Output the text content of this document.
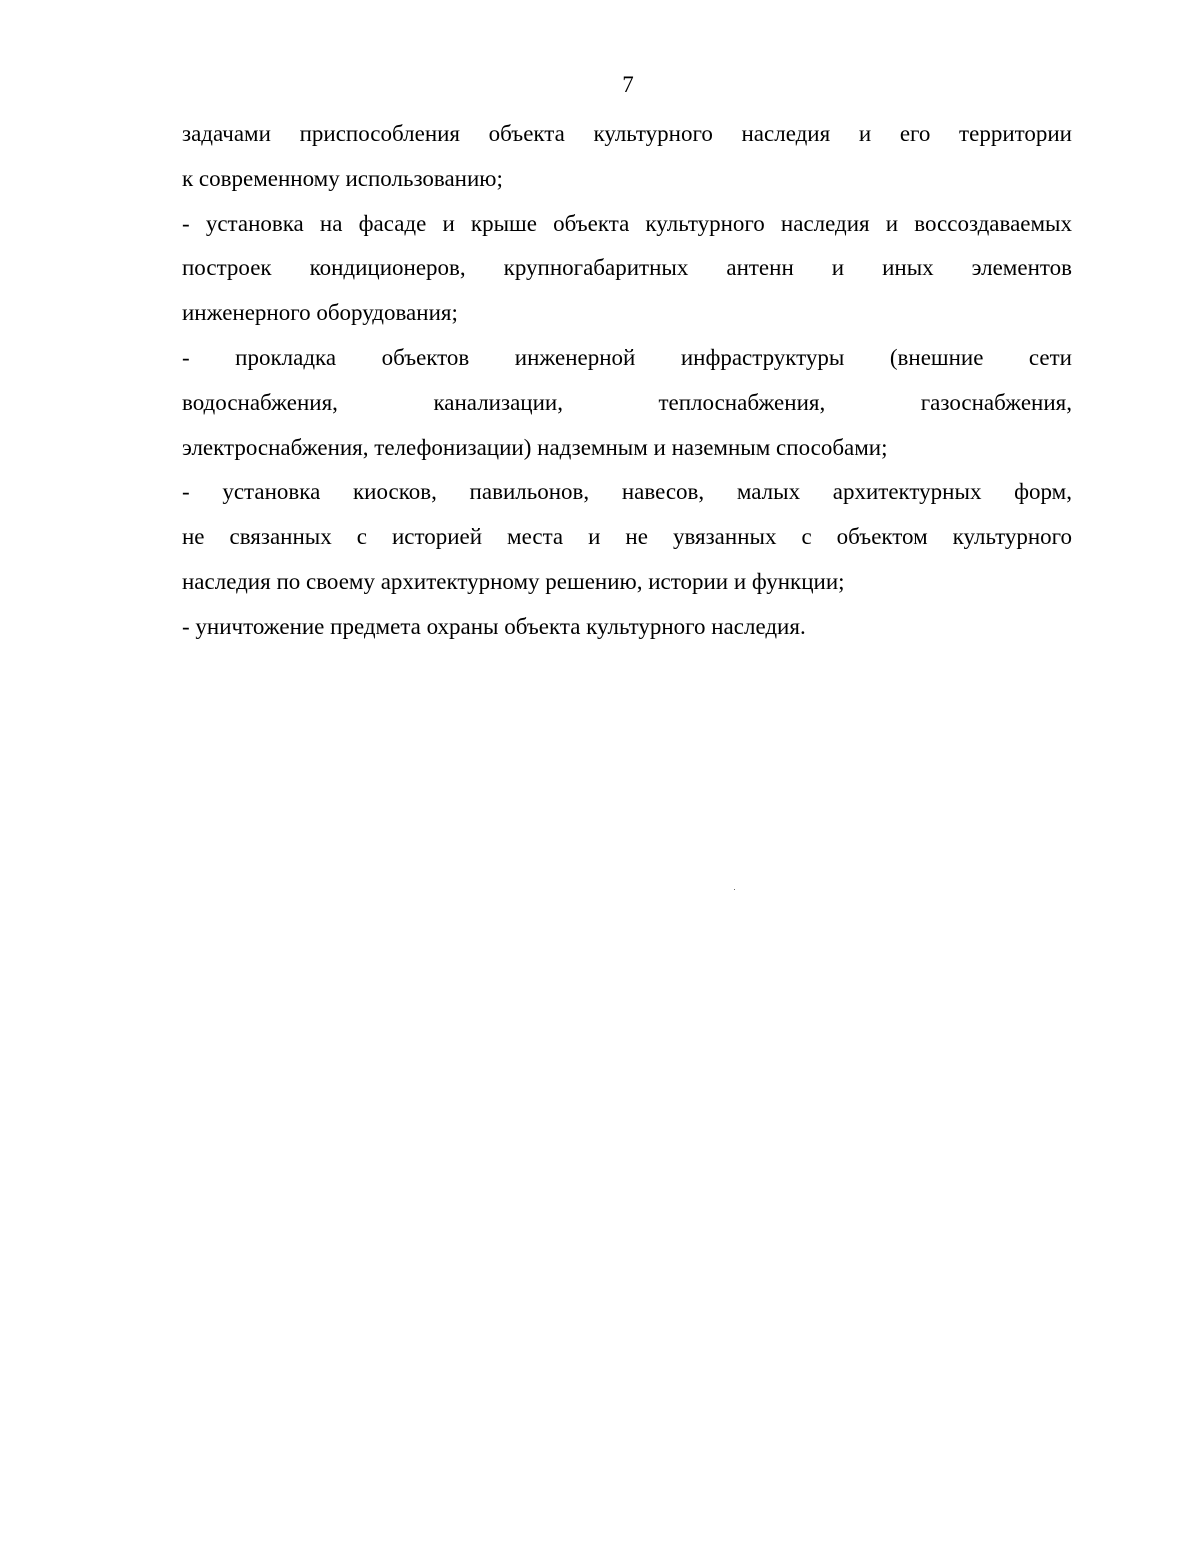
7
задачами приспособления объекта культурного наследия и его территории
к современному использованию;
- установка на фасаде и крыше объекта культурного наследия и воссоздаваемых
построек кондиционеров, крупногабаритных антенн и иных элементов
инженерного оборудования;
- прокладка объектов инженерной инфраструктуры (внешние сети
водоснабжения, канализации, теплоснабжения, газоснабжения,
электроснабжения, телефонизации) надземным и наземным способами;
- установка киосков, павильонов, навесов, малых архитектурных форм,
не связанных с историей места и не увязанных с объектом культурного
наследия по своему архитектурному решению, истории и функции;
- уничтожение предмета охраны объекта культурного наследия.
